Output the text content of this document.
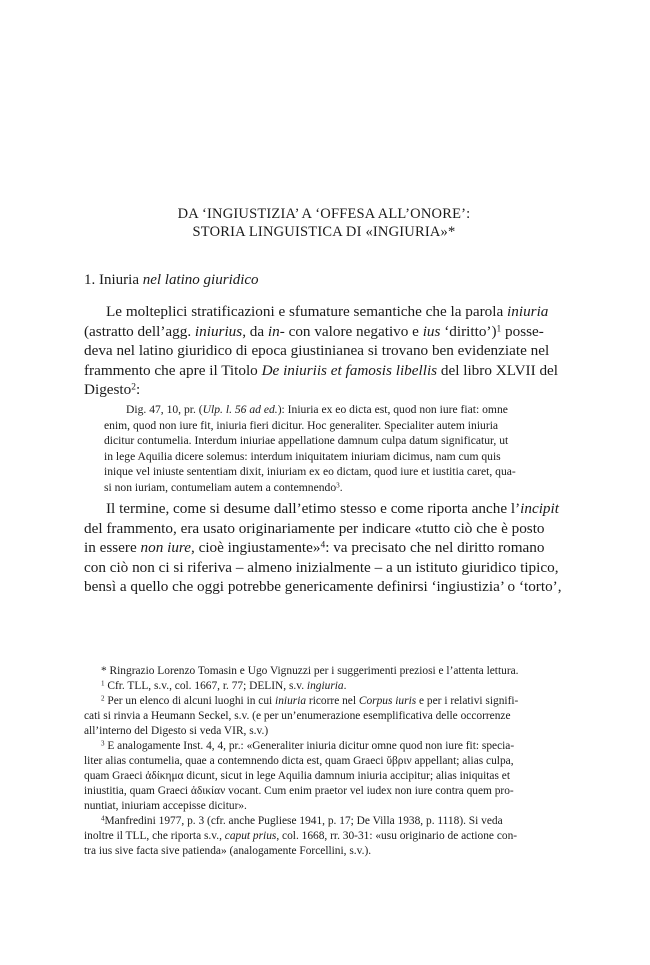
DA ‘INGIUSTIZIA’ A ‘OFFESA ALL’ONORE’:
STORIA LINGUISTICA DI «INGIURIA»*
1. Iniuria nel latino giuridico
Le molteplici stratificazioni e sfumature semantiche che la parola iniuria
(astratto dell’agg. iniurius, da in- con valore negativo e ius ‘diritto’)$^1$ posse-
deva nel latino giuridico di epoca giustinianea si trovano ben evidenziate nel
frammento che apre il Titolo De iniuriis et famosis libellis del libro XLVII del
Digesto$^2$:
Dig. 47, 10, pr. (Ulp. l. 56 ad ed.): Iniuria ex eo dicta est, quod non iure fiat: omne
enim, quod non iure fit, iniuria fieri dicitur. Hoc generaliter. Specialiter autem iniuria
dicitur contumelia. Interdum iniuriae appellatione damnum culpa datum significatur, ut
in lege Aquilia dicere solemus: interdum iniquitatem iniuriam dicimus, nam cum quis
inique vel iniuste sententiam dixit, iniuriam ex eo dictam, quod iure et iustitia caret, qua-
si non iuriam, contumeliam autem a contemnendo$^3$.
Il termine, come si desume dall’etimo stesso e come riporta anche l’incipit
del frammento, era usato originariamente per indicare «tutto ciò che è posto
in essere non iure, cioè ingiustamente»$^4$: va precisato che nel diritto romano
con ciò non ci si riferiva – almeno inizialmente – a un istituto giuridico tipico,
bensì a quello che oggi potrebbe genericamente definirsi ‘ingiustizia’ o ‘torto’,
* Ringrazio Lorenzo Tomasin e Ugo Vignuzzi per i suggerimenti preziosi e l’attenta lettura.
$^1$ Cfr. TLL, s.v., col. 1667, r. 77; DELIN, s.v. ingiuria.
$^2$ Per un elenco di alcuni luoghi in cui iniuria ricorre nel Corpus iuris e per i relativi signifi-
cati si rinvia a Heumann Seckel, s.v. (e per un’enumerazione esemplificativa delle occorrenze
all’interno del Digesto si veda VIR, s.v.)
$^3$ E analogamente Inst. 4, 4, pr.: «Generaliter iniuria dicitur omne quod non iure fit: specia-
liter alias contumelia, quae a contemnendo dicta est, quam Graeci ὕβριν appellant; alias culpa,
quam Graeci ἀδίκημα dicunt, sicut in lege Aquilia damnum iniuria accipitur; alias iniquitas et
iniustitia, quam Graeci ἀδικίαν vocant. Cum enim praetor vel iudex non iure contra quem pro-
nuntiat, iniuriam accepisse dicitur».
$^4$Manfredini 1977, p. 3 (cfr. anche Pugliese 1941, p. 17; De Villa 1938, p. 1118). Si veda
inoltre il TLL, che riporta s.v., caput prius, col. 1668, rr. 30-31: «usu originario de actione con-
tra ius sive facta sive patienda» (analogamente Forcellini, s.v.).
